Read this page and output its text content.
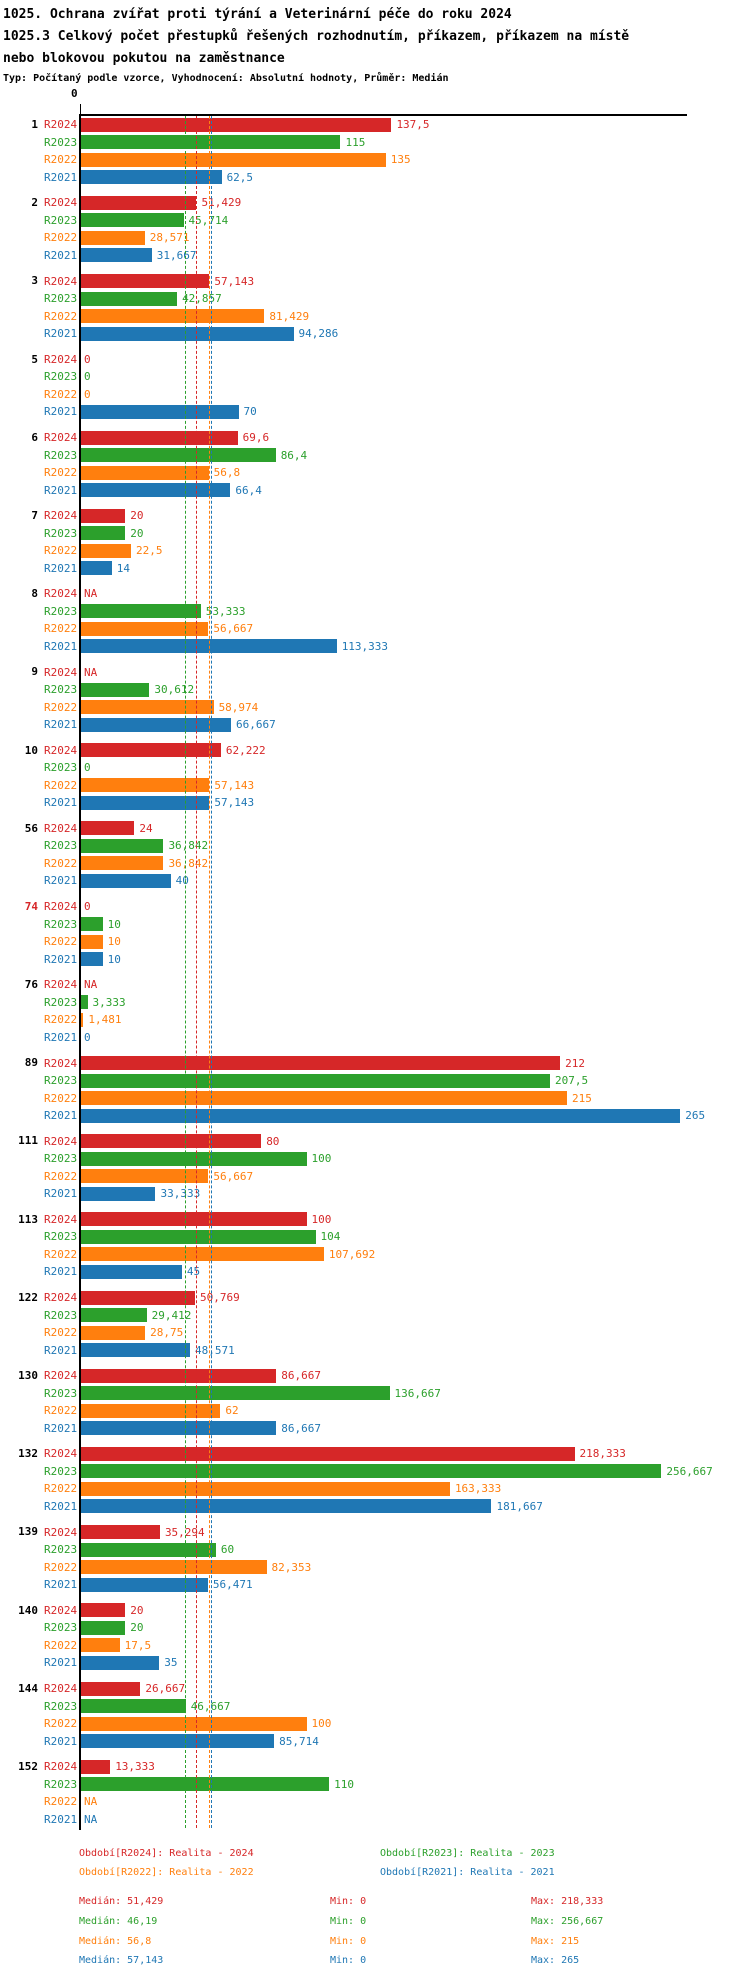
1025. Ochrana zvířat proti týrání a Veterinární péče do roku 2024
1025.3 Celkový počet přestupků řešených rozhodnutím, příkazem, příkazem na místě
nebo blokovou pokutou na zaměstnance
Typ: Počítaný podle vzorce, Vyhodnocení: Absolutní hodnoty, Průměr: Medián
0
1 R2024	137,5
R2023	115
R2022	135
R2021	62,5
2 R2024	51,429
R2023	45,714
R2022	28,571
R2021	31,667
3 R2024	57,143
R2023	42,857
R2022	81,429
R2021	94,286
5 R2024 0
R2023 0
R2022 0
R2021	70
6 R2024	69,6
R2023	86,4
R2022	56,8
R2021	66,4
7 R2024	20
R2023	20
R2022	22,5
R2021	14
8 R2024 NA
R2023	53,333
R2022	56,667
R2021	113,333
9 R2024 NA
R2023	30,612
R2022	58,974
R2021	66,667
10 R2024	62,222
R2023 0
R2022	57,143
R2021	57,143
56 R2024	24
R2023	36,842
R2022	36,842
R2021	40
74 R2024 0
R2023	10
R2022	10
R2021	10
76 R2024 NA
R2023 3,333
R2022 1,481
R2021 0
89 R2024	212
R2023	207,5
R2022	215
R2021	265
111 R2024	80
R2023	100
R2022	56,667
R2021	33,333
113 R2024	100
R2023	104
R2022	107,692
R2021	45
122 R2024	50,769
R2023	29,412
R2022	28,75
R2021	48,571
130 R2024	86,667
R2023	136,667
R2022	62
R2021	86,667
132 R2024	218,333
R2023	256,667
R2022	163,333
R2021	181,667
139 R2024	35,294
R2023	60
R2022	82,353
R2021	56,471
140 R2024	20
R2023	20
R2022	17,5
R2021	35
144 R2024	26,667
R2023	46,667
R2022	100
R2021	85,714
152 R2024	13,333
R2023	110
R2022 NA
R2021 NA
Období[R2024]: Realita - 2024	Období[R2023]: Realita - 2023
Období[R2022]: Realita - 2022	Období[R2021]: Realita - 2021
Medián: 51,429	Min: 0	Max: 218,333
Medián: 46,19	Min: 0	Max: 256,667
Medián: 56,8	Min: 0	Max: 215
Medián: 57,143	Min: 0	Max: 265
